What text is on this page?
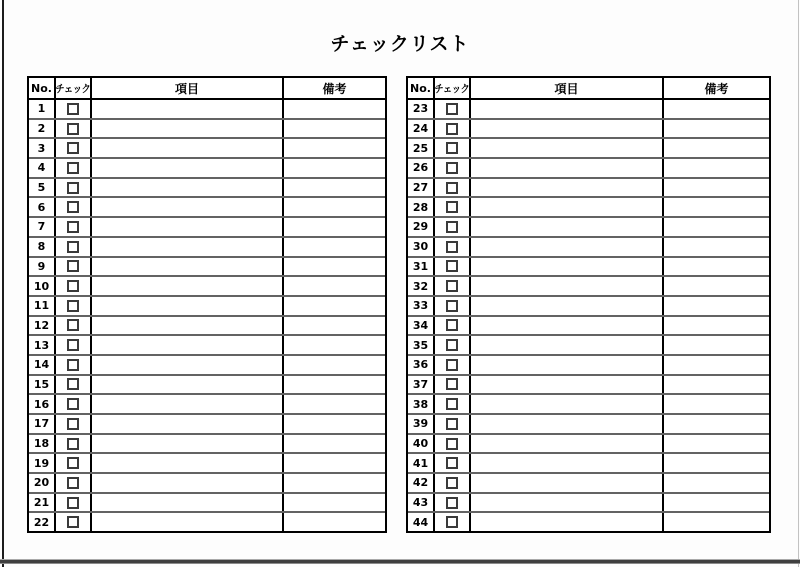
チェックリスト
No. チェック	項目	備考
1
2
3
4
5
6
7
8
9
10
11
12
13
14
15
16
17
18
19
20
21
22
No. チェック	項目	備考
23
24
25
26
27
28
29
30
31
32
33
34
35
36
37
38
39
40
41
42
43
44
